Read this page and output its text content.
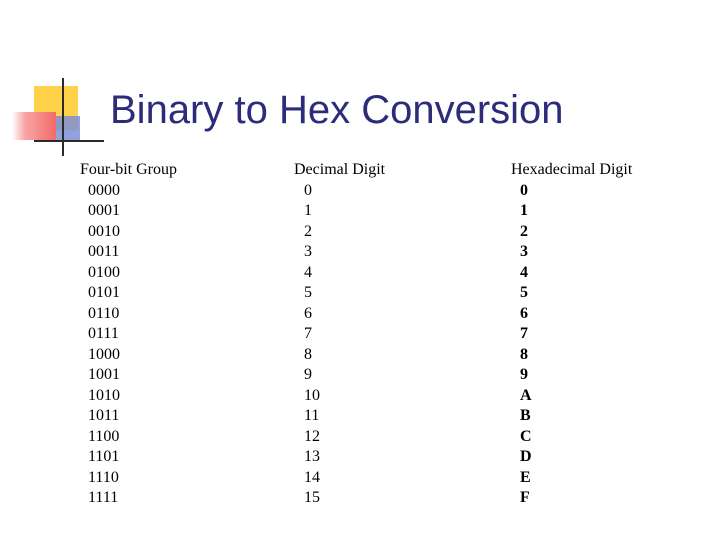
Binary to Hex Conversion
Four-bit Group
0000
0001
0010
0011
0100
0101
0110
0111
1000
1001
1010
1011
1100
1101
1110
1111
Decimal Digit
0
1
2
3
4
5
6
7
8
9
10
11
12
13
14
15
Hexadecimal Digit
0
1
2
3
4
5
6
7
8
9
A
B
C
D
E
F
